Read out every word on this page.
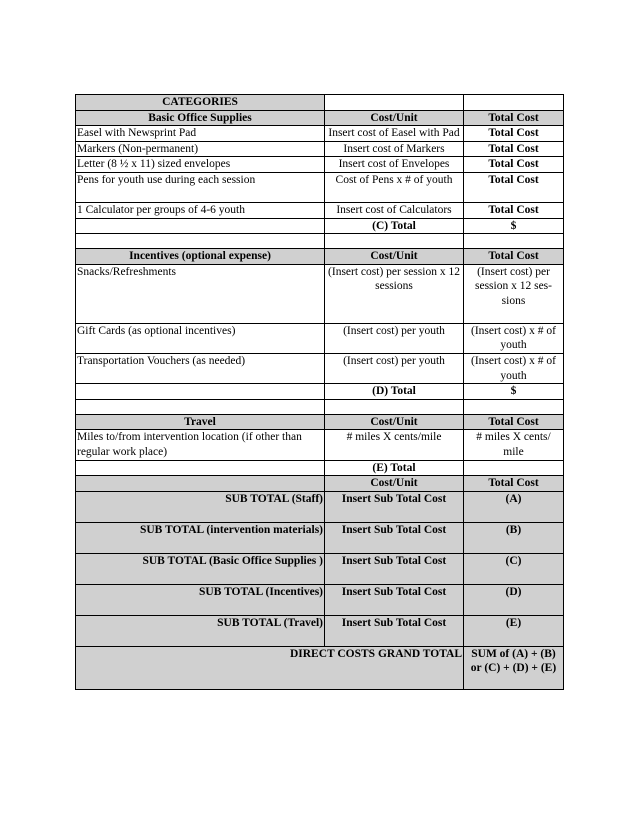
CATEGORIES		
Basic Office Supplies	Cost/Unit	Total Cost
Easel with Newsprint Pad	Insert cost of Easel with Pad	Total Cost
Markers (Non-permanent)	Insert cost of Markers	Total Cost
Letter (8 ½ x 11) sized envelopes	Insert cost of Envelopes	Total Cost
Pens for youth use during each session	Cost of Pens x # of youth	Total Cost
1 Calculator per groups of 4-6 youth	Insert cost of Calculators	Total Cost
	(C) Total	$

Incentives (optional expense)	Cost/Unit	Total Cost
Snacks/Refreshments	(Insert cost) per session x 12 sessions	(Insert cost) per session x 12 ses-sions
Gift Cards (as optional incentives)	(Insert cost) per youth	(Insert cost) x # of youth
Transportation Vouchers (as needed)	(Insert cost) per youth	(Insert cost) x # of youth
	(D) Total	$

Travel	Cost/Unit	Total Cost
Miles to/from intervention location (if other than regular work place)	# miles X cents/mile	# miles X cents/ mile
	(E) Total	
	Cost/Unit	Total Cost
SUB TOTAL (Staff)	Insert Sub Total Cost	(A)
SUB TOTAL (intervention materials)	Insert Sub Total Cost	(B)
SUB TOTAL (Basic Office Supplies )	Insert Sub Total Cost	(C)
SUB TOTAL (Incentives)	Insert Sub Total Cost	(D)
SUB TOTAL (Travel)	Insert Sub Total Cost	(E)
DIRECT COSTS GRAND TOTAL		SUM of (A) + (B) or (C) + (D) + (E)
